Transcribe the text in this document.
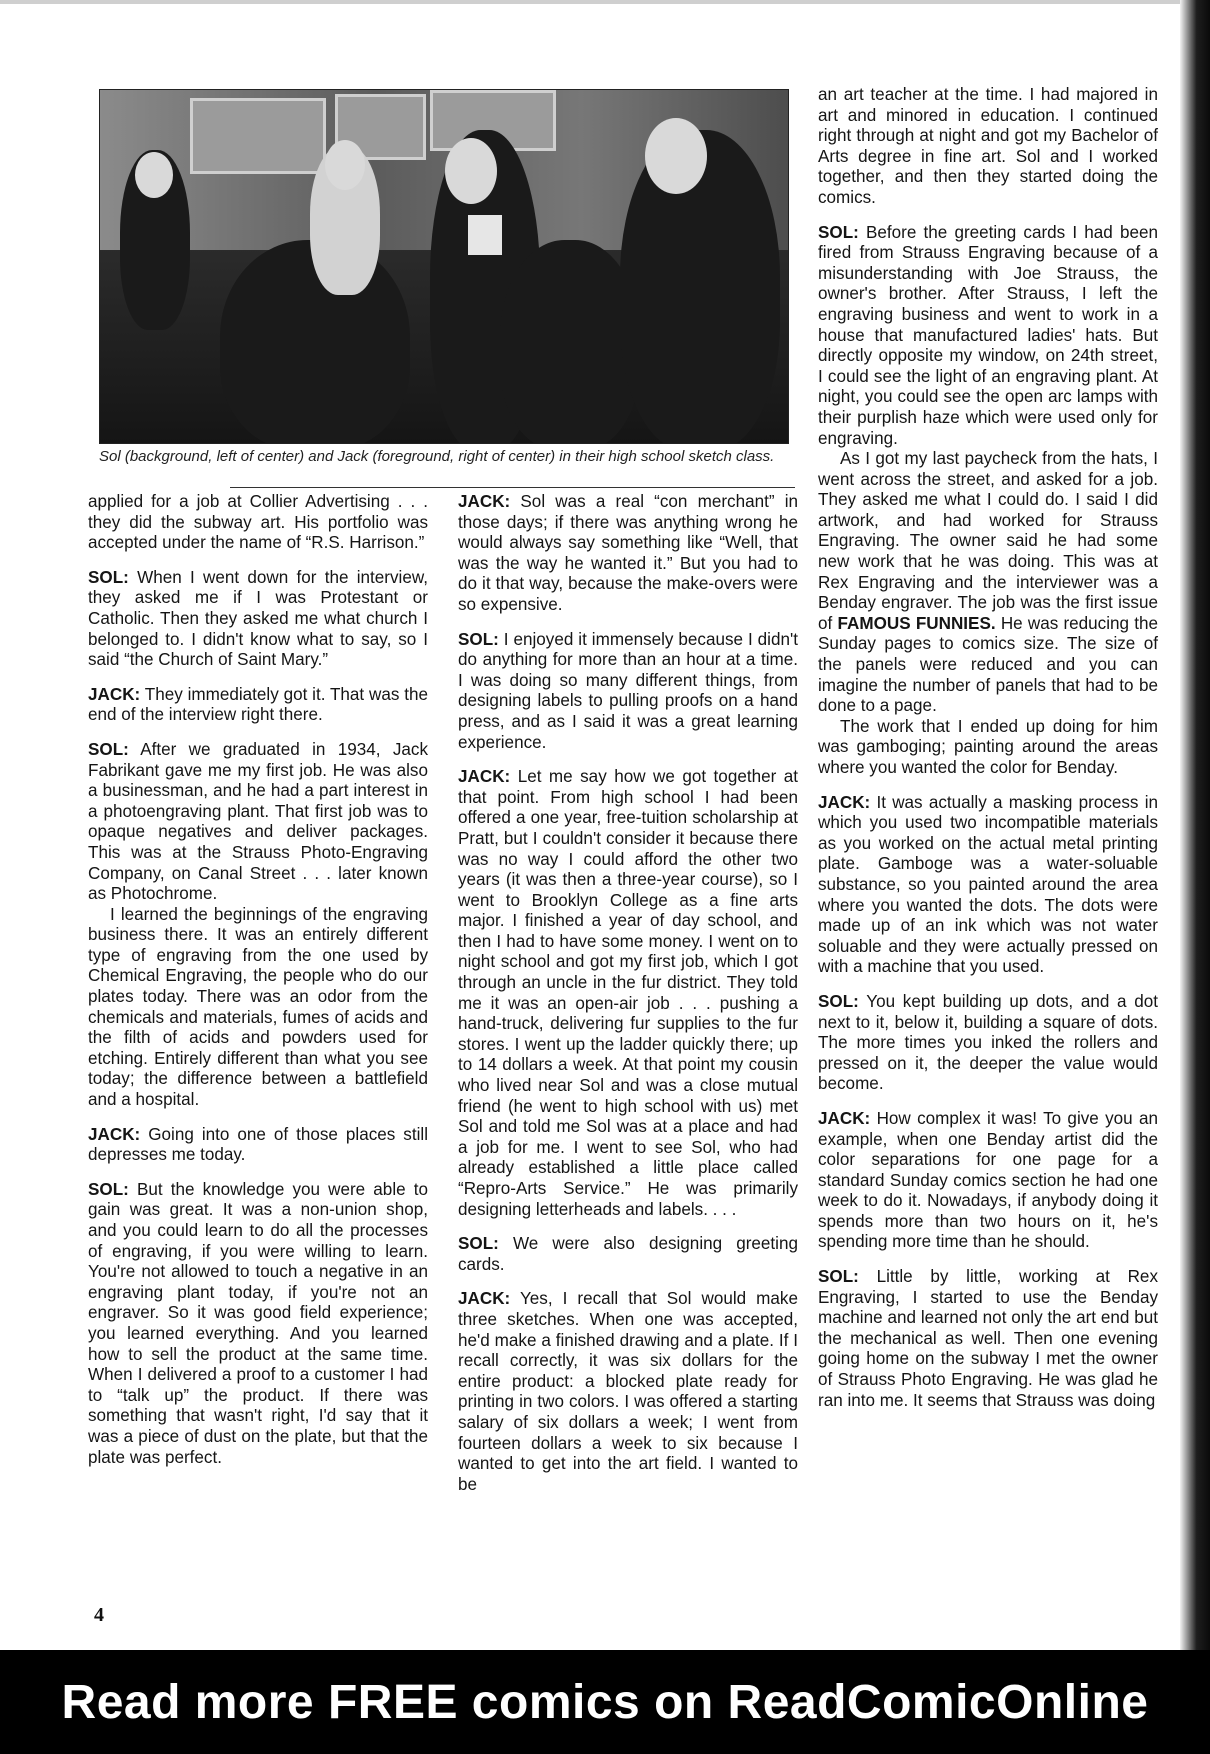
Sol (background, left of center) and Jack (foreground, right of center) in their high school sketch class.

applied for a job at Collier Advertising . . . they did the subway art. His portfolio was accepted under the name of “R.S. Harrison.”

SOL: When I went down for the interview, they asked me if I was Protestant or Catholic. Then they asked me what church I belonged to. I didn't know what to say, so I said “the Church of Saint Mary.”

JACK: They immediately got it. That was the end of the interview right there.

SOL: After we graduated in 1934, Jack Fabrikant gave me my first job. He was also a businessman, and he had a part interest in a photoengraving plant. That first job was to opaque negatives and deliver packages. This was at the Strauss Photo-Engraving Company, on Canal Street . . . later known as Photochrome.

I learned the beginnings of the engraving business there. It was an entirely different type of engraving from the one used by Chemical Engraving, the people who do our plates today. There was an odor from the chemicals and materials, fumes of acids and the filth of acids and powders used for etching. Entirely different than what you see today; the difference between a battlefield and a hospital.

JACK: Going into one of those places still depresses me today.

SOL: But the knowledge you were able to gain was great. It was a non-union shop, and you could learn to do all the processes of engraving, if you were willing to learn. You're not allowed to touch a negative in an engraving plant today, if you're not an engraver. So it was good field experience; you learned everything. And you learned how to sell the product at the same time. When I delivered a proof to a customer I had to “talk up” the product. If there was something that wasn't right, I'd say that it was a piece of dust on the plate, but that the plate was perfect.

JACK: Sol was a real “con merchant” in those days; if there was anything wrong he would always say something like “Well, that was the way he wanted it.” But you had to do it that way, because the make-overs were so expensive.

SOL: I enjoyed it immensely because I didn't do anything for more than an hour at a time. I was doing so many different things, from designing labels to pulling proofs on a hand press, and as I said it was a great learning experience.

JACK: Let me say how we got together at that point. From high school I had been offered a one year, free-tuition scholarship at Pratt, but I couldn't consider it because there was no way I could afford the other two years (it was then a three-year course), so I went to Brooklyn College as a fine arts major. I finished a year of day school, and then I had to have some money. I went on to night school and got my first job, which I got through an uncle in the fur district. They told me it was an open-air job . . . pushing a hand-truck, delivering fur supplies to the fur stores. I went up the ladder quickly there; up to 14 dollars a week. At that point my cousin who lived near Sol and was a close mutual friend (he went to high school with us) met Sol and told me Sol was at a place and had a job for me. I went to see Sol, who had already established a little place called “Repro-Arts Service.” He was primarily designing letterheads and labels. . . .

SOL: We were also designing greeting cards.

JACK: Yes, I recall that Sol would make three sketches. When one was accepted, he'd make a finished drawing and a plate. If I recall correctly, it was six dollars for the entire product: a blocked plate ready for printing in two colors. I was offered a starting salary of six dollars a week; I went from fourteen dollars a week to six because I wanted to get into the art field. I wanted to be

an art teacher at the time. I had majored in art and minored in education. I continued right through at night and got my Bachelor of Arts degree in fine art. Sol and I worked together, and then they started doing the comics.

SOL: Before the greeting cards I had been fired from Strauss Engraving because of a misunderstanding with Joe Strauss, the owner's brother. After Strauss, I left the engraving business and went to work in a house that manufactured ladies' hats. But directly opposite my window, on 24th street, I could see the light of an engraving plant. At night, you could see the open arc lamps with their purplish haze which were used only for engraving.

As I got my last paycheck from the hats, I went across the street, and asked for a job. They asked me what I could do. I said I did artwork, and had worked for Strauss Engraving. The owner said he had some new work that he was doing. This was at Rex Engraving and the interviewer was a Benday engraver. The job was the first issue of FAMOUS FUNNIES. He was reducing the Sunday pages to comics size. The size of the panels were reduced and you can imagine the number of panels that had to be done to a page.

The work that I ended up doing for him was gamboging; painting around the areas where you wanted the color for Benday.

JACK: It was actually a masking process in which you used two incompatible materials as you worked on the actual metal printing plate. Gamboge was a water-soluable substance, so you painted around the area where you wanted the dots. The dots were made up of an ink which was not water soluable and they were actually pressed on with a machine that you used.

SOL: You kept building up dots, and a dot next to it, below it, building a square of dots. The more times you inked the rollers and pressed on it, the deeper the value would become.

JACK: How complex it was! To give you an example, when one Benday artist did the color separations for one page for a standard Sunday comics section he had one week to do it. Nowadays, if anybody doing it spends more than two hours on it, he's spending more time than he should.

SOL: Little by little, working at Rex Engraving, I started to use the Benday machine and learned not only the art end but the mechanical as well. Then one evening going home on the subway I met the owner of Strauss Photo Engraving. He was glad he ran into me. It seems that Strauss was doing

4
Read more FREE comics on ReadComicOnline
